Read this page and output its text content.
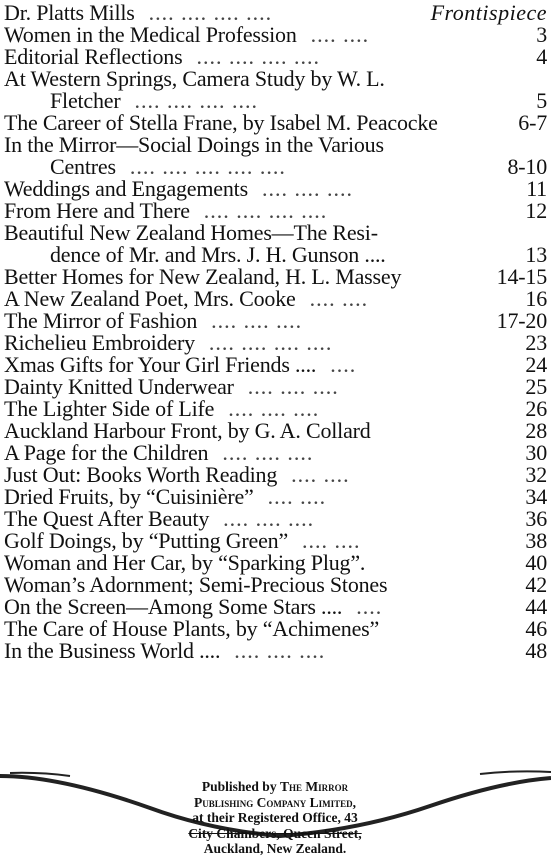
Dr. Platts Mills .... .... .... ....	Frontispiece
Women in the Medical Profession .... ....	3
Editorial Reflections .... .... .... ....	4
At Western Springs, Camera Study by W. L.
Fletcher .... .... .... ....	5
The Career of Stella Frane, by Isabel M. Peacocke	6-7
In the Mirror—Social Doings in the Various
Centres .... .... .... .... ....	8-10
Weddings and Engagements .... .... ....	11
From Here and There .... .... .... ....	12
Beautiful New Zealand Homes—The Resi-
dence of Mr. and Mrs. J. H. Gunson ....	13
Better Homes for New Zealand, H. L. Massey	14-15
A New Zealand Poet, Mrs. Cooke .... ....	16
The Mirror of Fashion .... .... ....	17-20
Richelieu Embroidery .... .... .... ....	23
Xmas Gifts for Your Girl Friends .... ....	24
Dainty Knitted Underwear .... .... ....	25
The Lighter Side of Life .... .... ....	26
Auckland Harbour Front, by G. A. Collard	28
A Page for the Children .... .... ....	30
Just Out: Books Worth Reading .... ....	32
Dried Fruits, by “Cuisinière” .... ....	34
The Quest After Beauty .... .... ....	36
Golf Doings, by “Putting Green” .... ....	38
Woman and Her Car, by “Sparking Plug”.	40
Woman’s Adornment; Semi-Precious Stones	42
On the Screen—Among Some Stars .... ....	44
The Care of House Plants, by “Achimenes”	46
In the Business World .... .... .... ....	48
Published by The Mirror
Publishing Company Limited,
at their Registered Office, 43
City Chambers, Queen Street,
Auckland, New Zealand.
